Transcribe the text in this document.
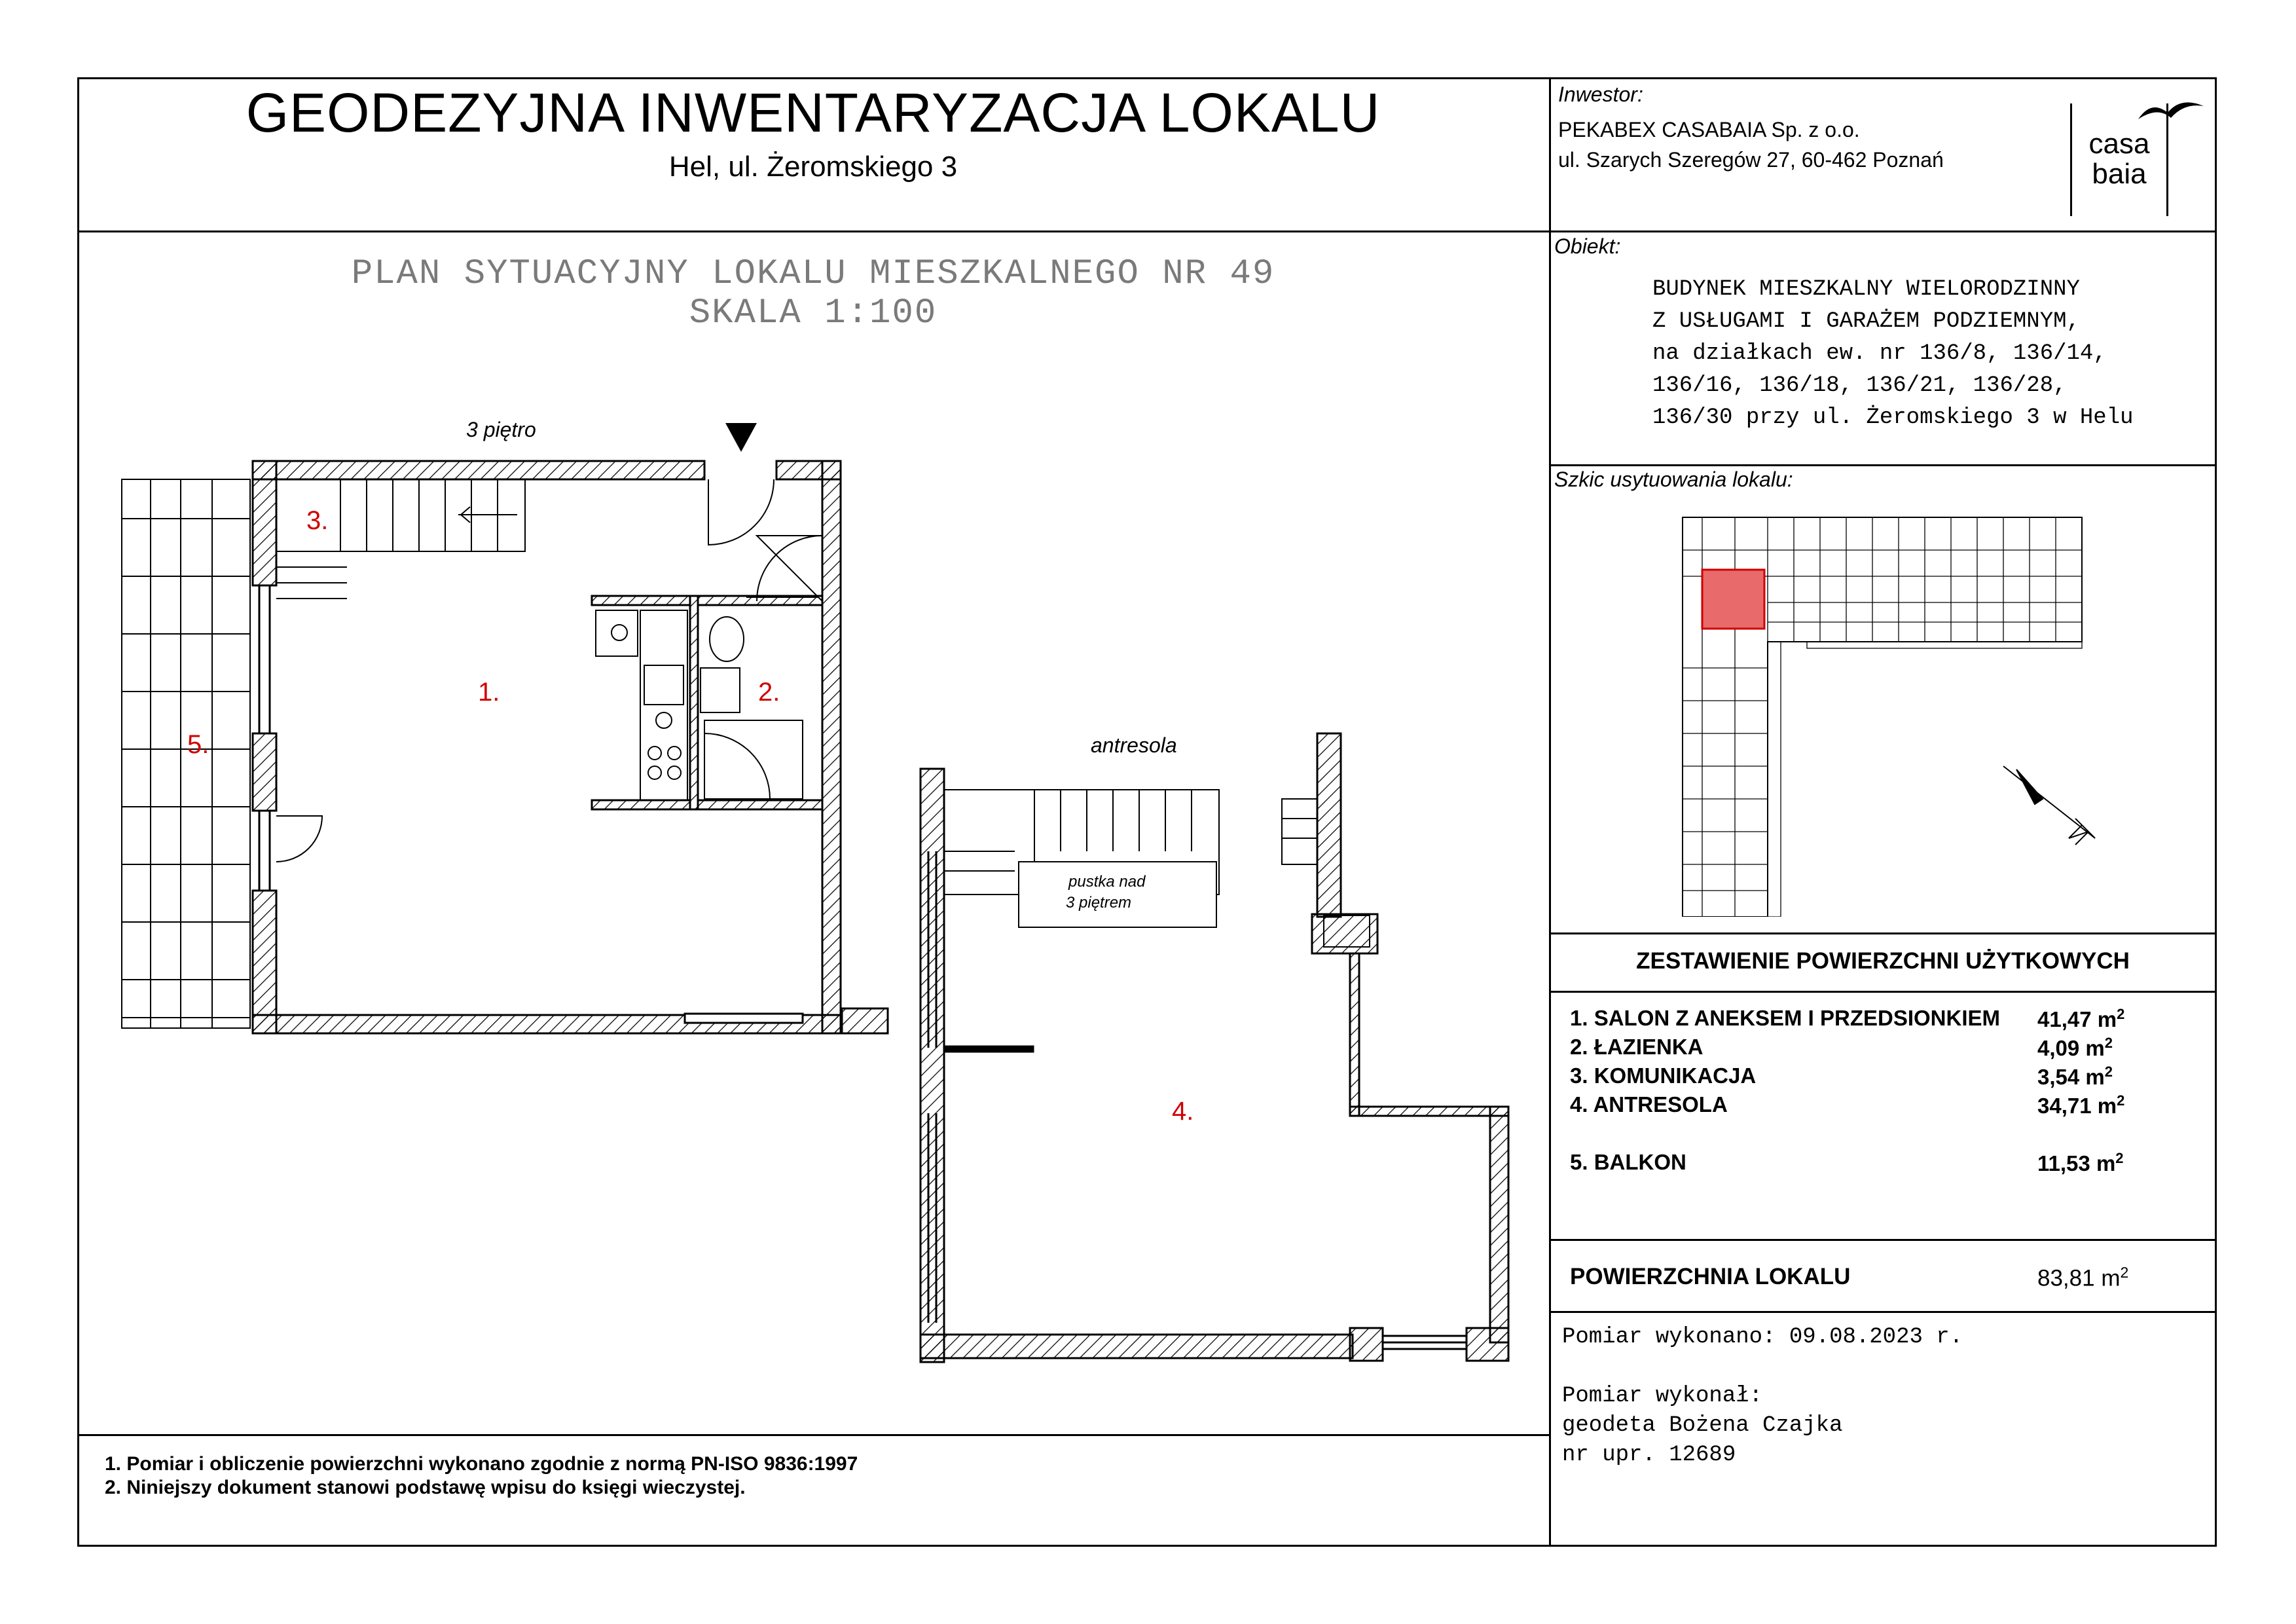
GEODEZYJNA INWENTARYZACJA LOKALU
Hel, ul. Żeromskiego 3
Inwestor:
PEKABEX CASABAIA Sp. z o.o.
ul. Szarych Szeregów 27, 60-462 Poznań	casa
baia
PLAN SYTUACYJNY LOKALU MIESZKALNEGO NR 49
SKALA 1:100
3 piętro
antresola
1.	2.
3.
4.
5.
pustka nad
3 piętrem
Obiekt:
BUDYNEK MIESZKALNY WIELORODZINNY
Z USŁUGAMI I GARAŻEM PODZIEMNYM,
na działkach ew. nr 136/8, 136/14,
136/16, 136/18, 136/21, 136/28,
136/30 przy ul. Żeromskiego 3 w Helu
Szkic usytuowania lokalu:
ZESTAWIENIE POWIERZCHNI UŻYTKOWYCH
1. SALON Z ANEKSEM I PRZEDSIONKIEM 41,47 $m^2$
2. ŁAZIENKA	4,09 $m^2$
3. KOMUNIKACJA	3,54 $m^2$
4. ANTRESOLA	34,71 $m^2$
5. BALKON	11,53 $m^2$
POWIERZCHNIA LOKALU	83,81 $m^2$
Pomiar wykonano: 09.08.2023 r.
Pomiar wykonał:
geodeta Bożena Czajka
nr upr. 12689
1. Pomiar i obliczenie powierzchni wykonano zgodnie z normą PN-ISO 9836:1997
2. Niniejszy dokument stanowi podstawę wpisu do księgi wieczystej.
